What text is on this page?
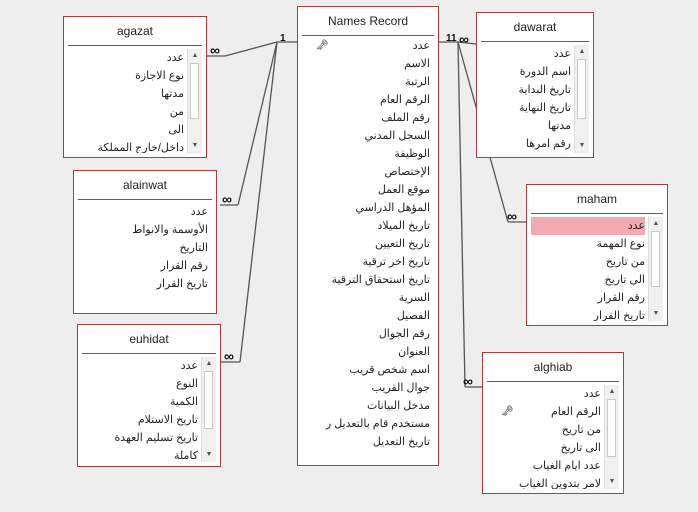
1	1 1
∞
∞
∞
∞
∞
∞
agazat
عدد
نوع الاجازة
مدتها
من
الى
داخل/خارج المملكة
▲
▼
alainwat
عدد
الأوسمة والانواط
التاريخ
رقم القرار
تاريخ القرار
euhidat
عدد
النوع
الكمية
تاريخ الاستلام
تاريخ تسليم العهدة
كاملة
▲
▼
Names Record
🗝	عدد
الاسم
الرتبة
الرقم العام
رقم الملف
السجل المدني
الوظيفة
الإختصاص
موقع العمل
المؤهل الدراسي
تاريخ الميلاد
تاريخ التعيين
تاريخ اخر ترقية
تاريخ استحقاق الترقية
السرية
الفصيل
رقم الجوال
العنوان
اسم شخص قريب
جوال القريب
مدخل البيانات
مستخدم قام بالتعديل ر
تاريخ التعديل
dawarat
عدد
اسم الدورة
تاريخ البداية
تاريخ النهاية
مدتها
رقم امرها
▲
▼
maham
عدد
نوع المهمة
من تاريخ
الى تاريخ
رقم القرار
تاريخ القرار
▲
▼
alghiab
عدد
🗝	الرقم العام
من تاريخ
الى تاريخ
عدد ايام الغياب
لامر بتدوين الغياب
▲
▼
